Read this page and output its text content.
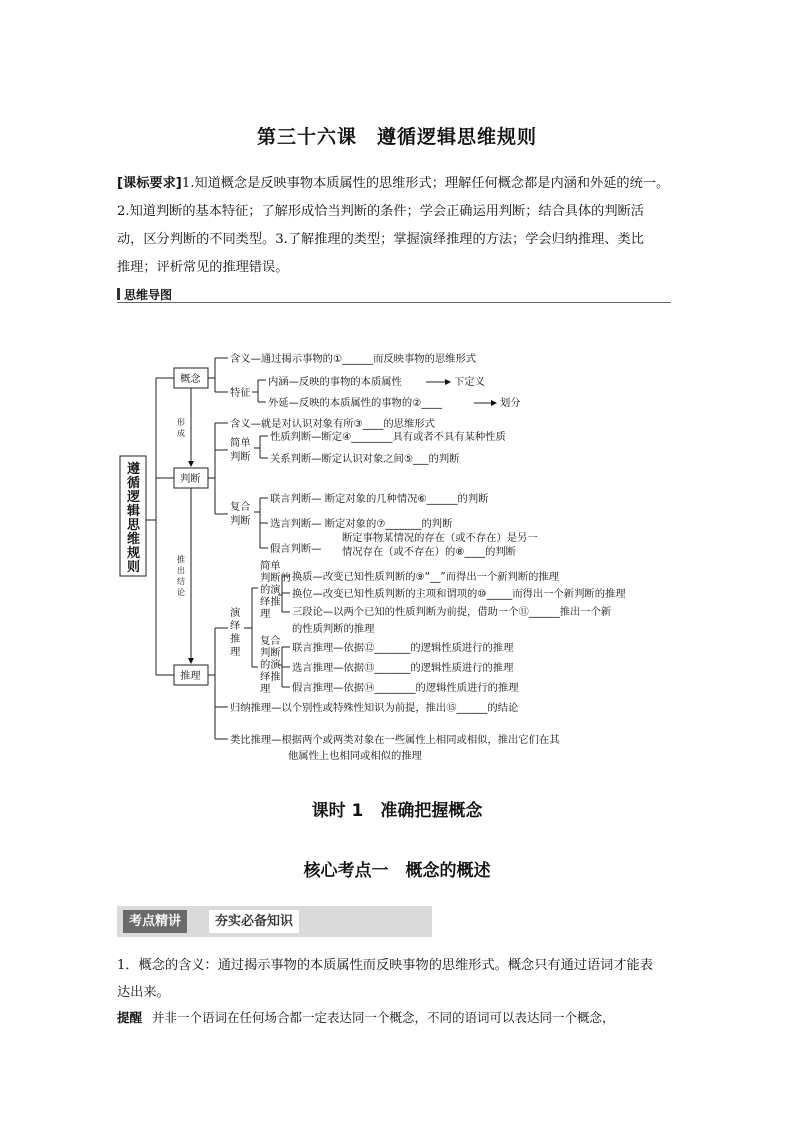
第三十六课　遵循逻辑思维规则
[课标要求]1.知道概念是反映事物本质属性的思维形式；理解任何概念都是内涵和外延的统一。
2.知道判断的基本特征；了解形成恰当判断的条件；学会正确运用判断；结合具体的判断活
动，区分判断的不同类型。3.了解推理的类型；掌握演绎推理的方法；学会归纳推理、类比
推理；评析常见的推理错误。
思维导图
遵
循
逻
辑
思
维
规
则
概念
判断
推理
形
成
推
出
结
论
含义—通过揭示事物的①______而反映事物的思维形式
特征
内涵—反映的事物的本质属性	下定义
外延—反映的本质属性的事物的②____	划分
含义—就是对认识对象有所③____的思维形式
简单
判断
性质判断—断定④________具有或者不具有某种性质
关系判断—断定认识对象之间⑤___的判断
复合
判断
联言判断— 断定对象的几种情况⑥______的判断
选言判断— 断定对象的⑦_______的判断
断定事物某情况的存在（或不存在）是另一
假言判断— 情况存在（或不存在）的⑧____的判断
演
绎
推
理
简单
判断的
的演
绎推
理
换质—改变已知性质判断的⑨“__”而得出一个新判断的推理
换位—改变已知性质判断的主项和谓项的⑩_____而得出一个新判断的推理
三段论—以两个已知的性质判断为前提，借助一个⑪______推出一个新
的性质判断的推理
复合
判断
的演
绎推
理
联言推理—依据⑫_______的逻辑性质进行的推理
选言推理—依据⑬_______的逻辑性质进行的推理
假言推理—依据⑭________的逻辑性质进行的推理
归纳推理—以个别性或特殊性知识为前提，推出⑮______的结论
类比推理—根据两个或两类对象在一些属性上相同或相似，推出它们在其
他属性上也相同或相似的推理
课时 1　准确把握概念
核心考点一　概念的概述
考点精讲	夯实必备知识
1．概念的含义：通过揭示事物的本质属性而反映事物的思维形式。概念只有通过语词才能表
达出来。
提醒 并非一个语词在任何场合都一定表达同一个概念，不同的语词可以表达同一个概念，
